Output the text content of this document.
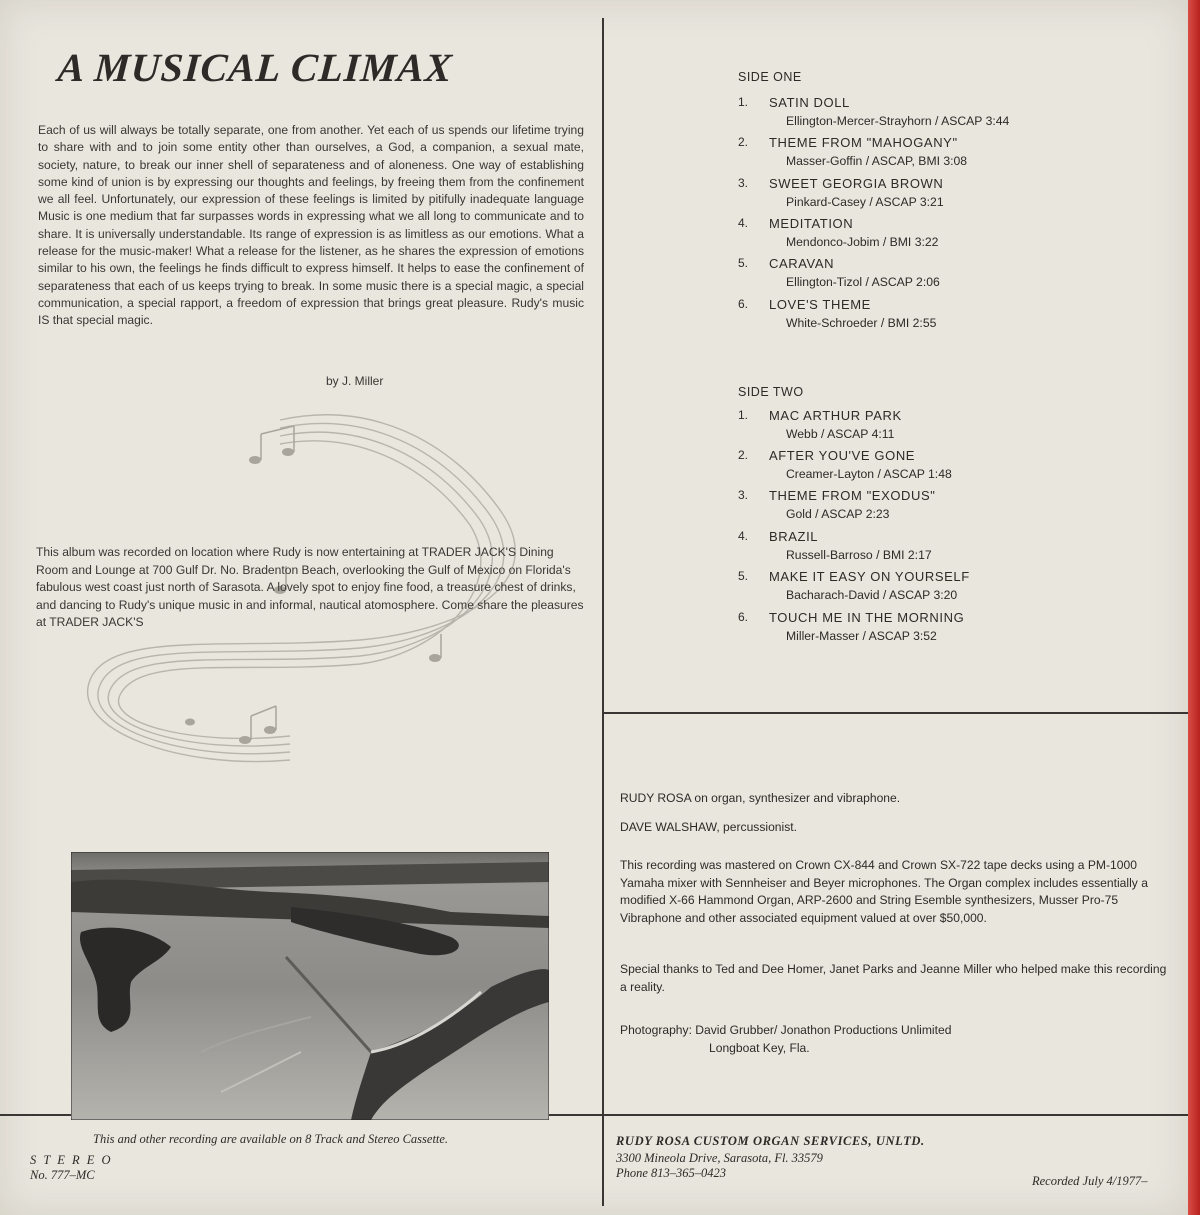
A MUSICAL CLIMAX
Each of us will always be totally separate, one from another. Yet each of us spends our lifetime trying to share with and to join some entity other than ourselves, a God, a companion, a sexual mate, society, nature, to break our inner shell of separateness and of aloneness. One way of establishing some kind of union is by expressing our thoughts and feelings, by freeing them from the confinement we all feel. Unfortunately, our expression of these feelings is limited by pitifully inadequate language Music is one medium that far surpasses words in expressing what we all long to communicate and to share. It is universally understandable. Its range of expression is as limitless as our emotions. What a release for the music-maker! What a release for the listener, as he shares the expression of emotions similar to his own, the feelings he finds difficult to express himself. It helps to ease the confinement of separateness that each of us keeps trying to break. In some music there is a special magic, a special communication, a special rapport, a freedom of expression that brings great pleasure. Rudy's music IS that special magic.
by J. Miller
This album was recorded on location where Rudy is now entertaining at TRADER JACK'S Dining Room and Lounge at 700 Gulf Dr. No. Bradenton Beach, overlooking the Gulf of Mexico on Florida's fabulous west coast just north of Sarasota. A lovely spot to enjoy fine food, a treasure chest of drinks, and dancing to Rudy's unique music in and informal, nautical atomosphere. Come share the pleasures at TRADER JACK'S
SIDE ONE
1. SATIN DOLL
Ellington-Mercer-Strayhorn / ASCAP 3:44
2. THEME FROM "MAHOGANY"
Masser-Goffin / ASCAP, BMI 3:08
3. SWEET GEORGIA BROWN
Pinkard-Casey / ASCAP 3:21
4. MEDITATION
Mendonco-Jobim / BMI 3:22
5. CARAVAN
Ellington-Tizol / ASCAP 2:06
6. LOVE'S THEME
White-Schroeder / BMI 2:55
SIDE TWO
1. MAC ARTHUR PARK
Webb / ASCAP 4:11
2. AFTER YOU'VE GONE
Creamer-Layton / ASCAP 1:48
3. THEME FROM "EXODUS"
Gold / ASCAP 2:23
4. BRAZIL
Russell-Barroso / BMI 2:17
5. MAKE IT EASY ON YOURSELF
Bacharach-David / ASCAP 3:20
6. TOUCH ME IN THE MORNING
Miller-Masser / ASCAP 3:52
RUDY ROSA on organ, synthesizer and vibraphone.
DAVE WALSHAW, percussionist.
This recording was mastered on Crown CX-844 and Crown SX-722 tape decks using a PM-1000 Yamaha mixer with Sennheiser and Beyer microphones. The Organ complex includes essentially a modified X-66 Hammond Organ, ARP-2600 and String Esemble synthesizers, Musser Pro-75 Vibraphone and other associated equipment valued at over $50,000.
Special thanks to Ted and Dee Homer, Janet Parks and Jeanne Miller who helped make this recording a reality.
Photography: David Grubber/ Jonathon Productions Unlimited
Longboat Key, Fla.
This and other recording are available on 8 Track and Stereo Cassette.
S T E R E O
No. 777–MC
RUDY ROSA CUSTOM ORGAN SERVICES, UNLTD.
3300 Mineola Drive, Sarasota, Fl. 33579
Phone 813–365–0423
Recorded July 4/1977–
